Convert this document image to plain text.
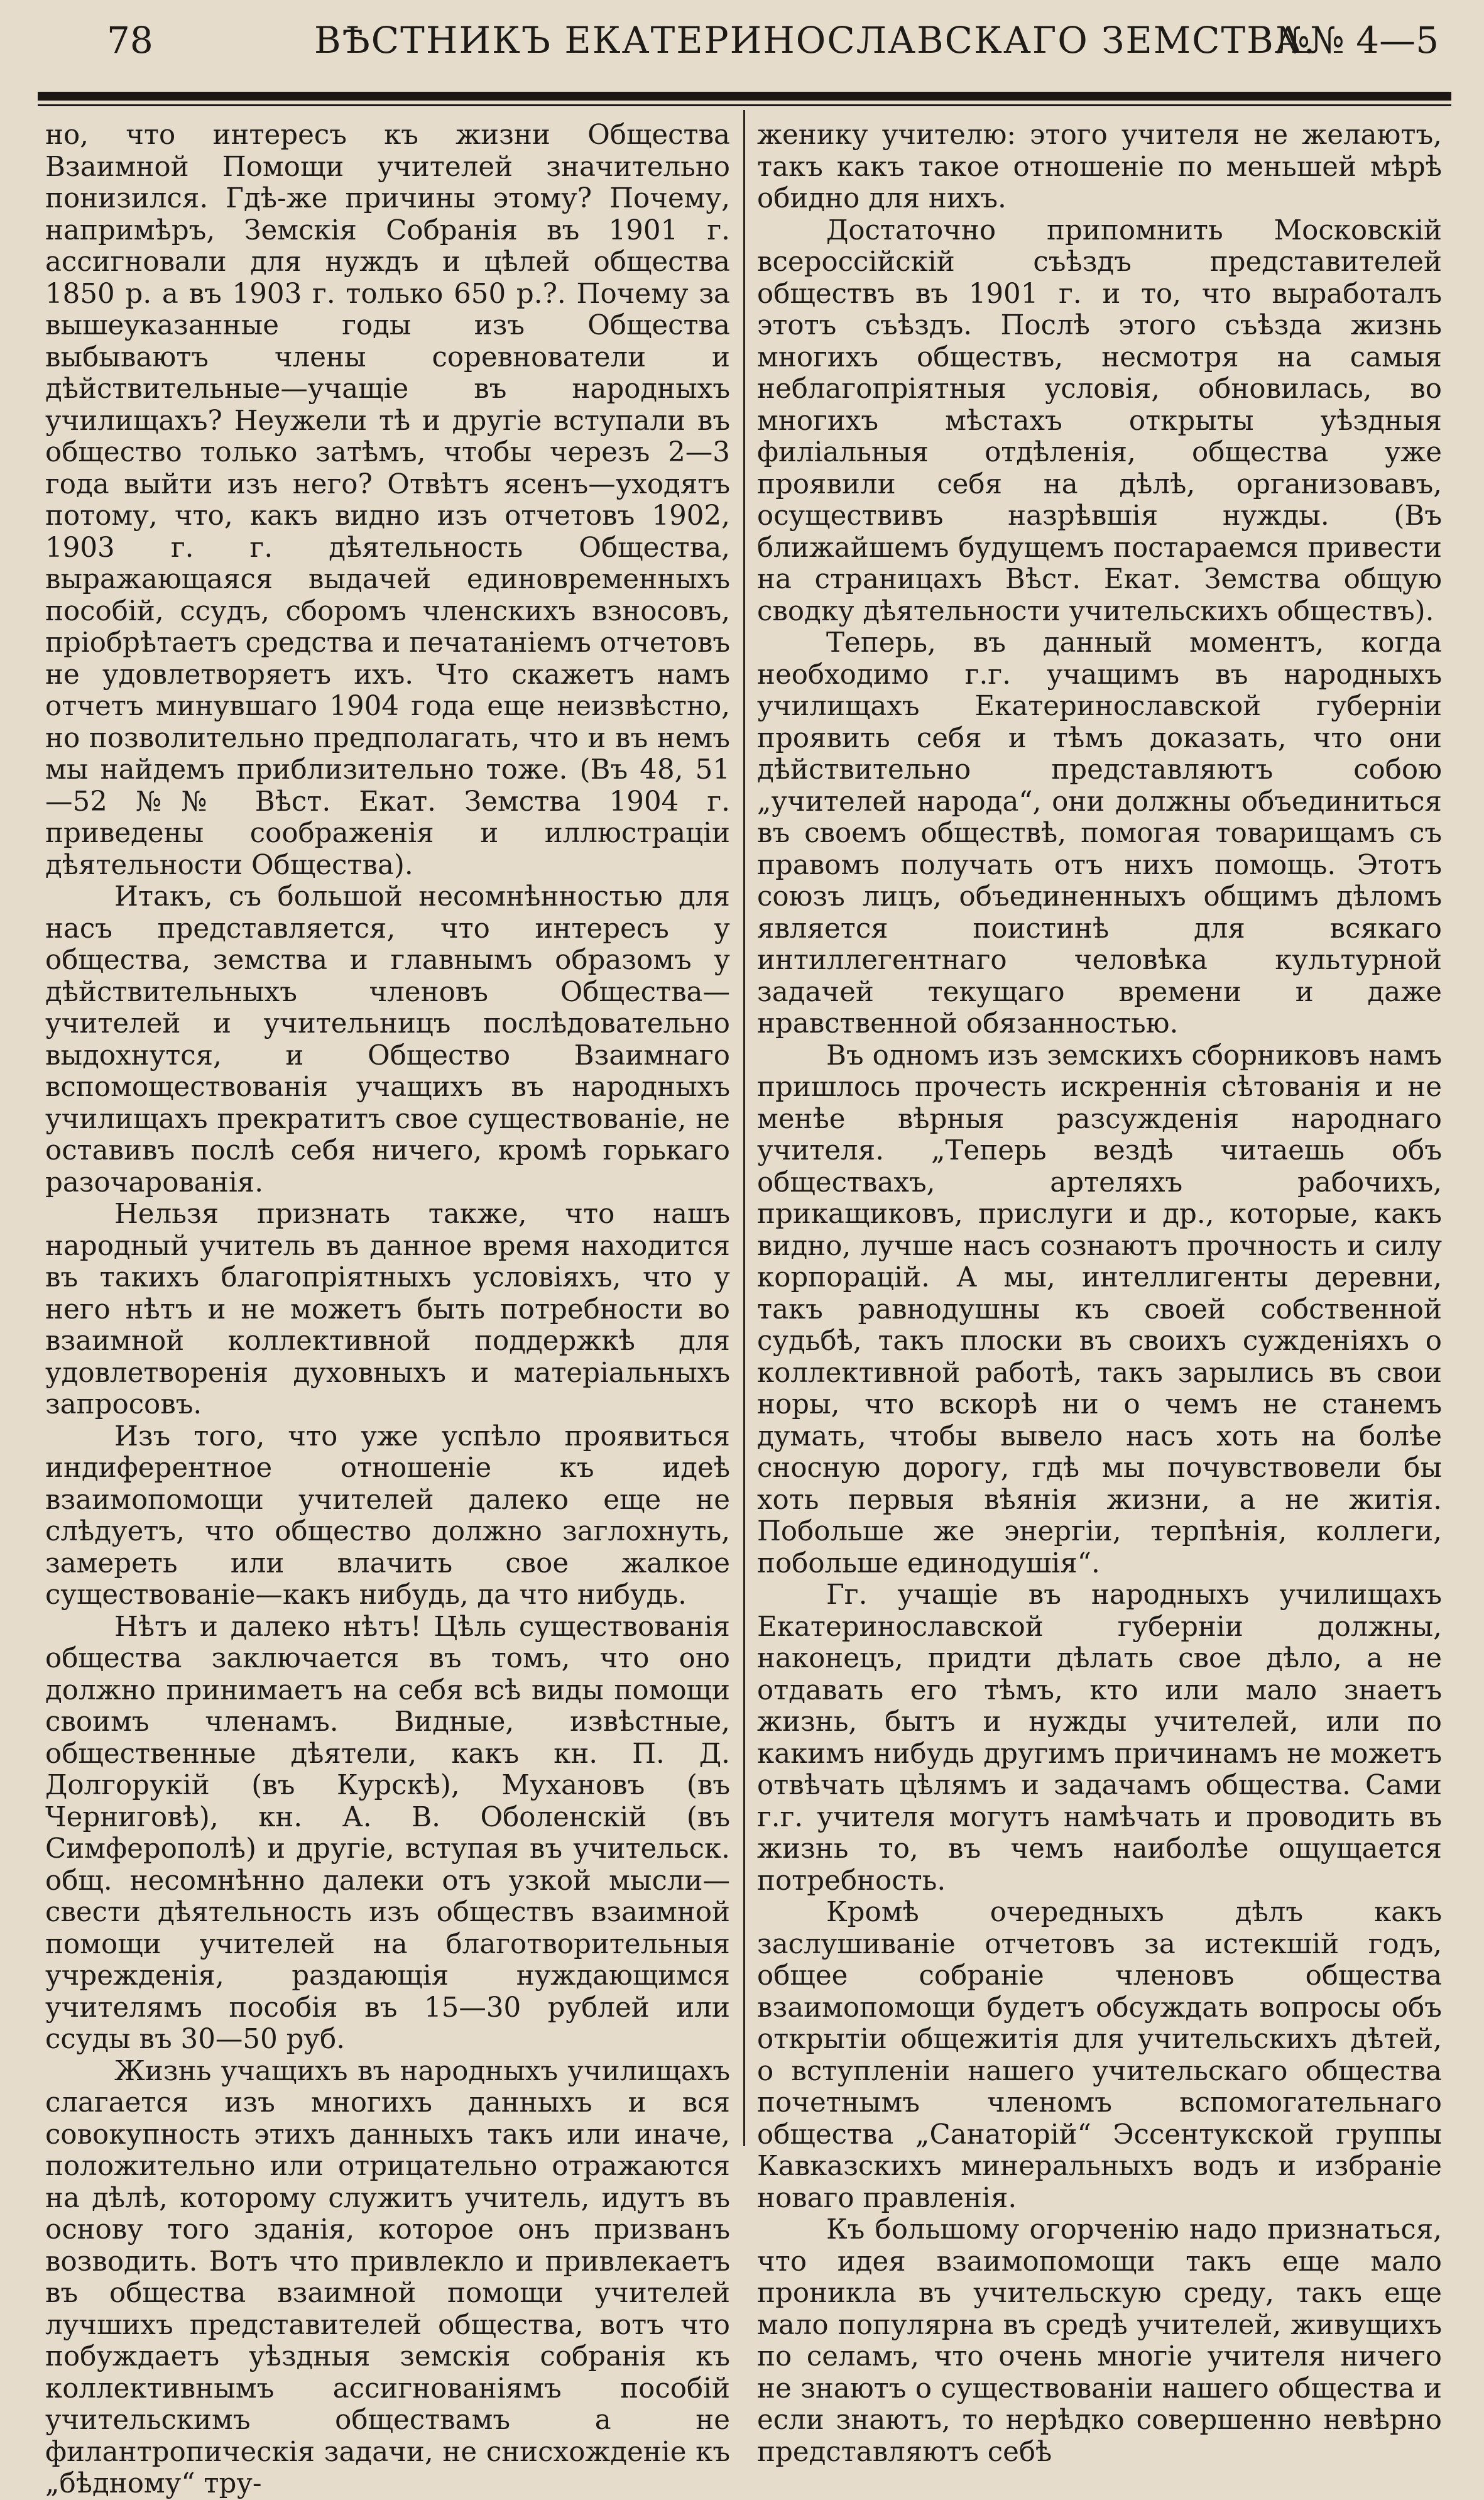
78	ВѢСТНИКЪ ЕКАТЕРИНОСЛАВСКАГО ЗЕМСТВА.
№№ 4—5

но, что интересъ къ жизни Общества Взаимной Помощи учителей значительно понизился. Гдѣ-же причины этому? Почему, напримѣръ, Земскія Собранія въ 1901 г. ассигновали для нуждъ и цѣлей общества 1850 р. а въ 1903 г. только 650 р.?. Почему за вышеуказанные годы изъ Общества выбываютъ члены соревнователи и дѣйствительные—учащіе въ народныхъ училищахъ? Неужели тѣ и другіе вступали въ общество только затѣмъ, чтобы черезъ 2—3 года выйти изъ него? Отвѣтъ ясенъ—уходятъ потому, что, какъ видно изъ отчетовъ 1902, 1903 г. г. дѣятельность Общества, выражающаяся выдачей единовременныхъ пособій, ссудъ, сборомъ членскихъ взносовъ, пріобрѣтаетъ средства и печатаніемъ отчетовъ не удовлетворяетъ ихъ. Что скажетъ намъ отчетъ минувшаго 1904 года еще неизвѣстно, но позволительно предполагать, что и въ немъ мы найдемъ приблизительно тоже. (Въ 48, 51—52 №№ Вѣст. Екат. Земства 1904 г. приведены соображенія и иллюстраціи дѣятельности Общества).

Итакъ, съ большой несомнѣнностью для насъ представляется, что интересъ у общества, земства и главнымъ образомъ у дѣйствительныхъ членовъ Общества—учителей и учительницъ послѣдовательно выдохнутся, и Общество Взаимнаго вспомоществованія учащихъ въ народныхъ училищахъ прекратитъ свое существованіе, не оставивъ послѣ себя ничего, кромѣ горькаго разочарованія.

Нельзя признать также, что нашъ народный учитель въ данное время находится въ такихъ благопріятныхъ условіяхъ, что у него нѣтъ и не можетъ быть потребности во взаимной коллективной поддержкѣ для удовлетворенія духовныхъ и матеріальныхъ запросовъ.

Изъ того, что уже успѣло проявиться индиферентное отношеніе къ идеѣ взаимопомощи учителей далеко еще не слѣдуетъ, что общество должно заглохнуть, замереть или влачить свое жалкое существованіе—какъ нибудь, да что нибудь.

Нѣтъ и далеко нѣтъ! Цѣль существованія общества заключается въ томъ, что оно должно принимаетъ на себя всѣ виды помощи своимъ членамъ. Видные, извѣстные, общественные дѣятели, какъ кн. П. Д. Долгорукій (въ Курскѣ), Мухановъ (въ Черниговѣ), кн. А. В. Оболенскій (въ Симферополѣ) и другіе, вступая въ учительск. общ. несомнѣнно далеки отъ узкой мысли—свести дѣятельность изъ обществъ взаимной помощи учителей на благотворительныя учрежденія, раздающія нуждающимся учителямъ пособія въ 15—30 рублей или ссуды въ 30—50 руб.

Жизнь учащихъ въ народныхъ училищахъ слагается изъ многихъ данныхъ и вся совокупность этихъ данныхъ такъ или иначе, положительно или отрицательно отражаются на дѣлѣ, которому служитъ учитель, идутъ въ основу того зданія, которое онъ призванъ возводить. Вотъ что привлекло и привлекаетъ въ общества взаимной помощи учителей лучшихъ представителей общества, вотъ что побуждаетъ уѣздныя земскія собранія къ коллективнымъ ассигнованіямъ пособій учительскимъ обществамъ а не филантропическія задачи, не снисхожденіе къ „бѣдному“ тру-

женику учителю: этого учителя не желаютъ, такъ какъ такое отношеніе по меньшей мѣрѣ обидно для нихъ.

Достаточно припомнить Московскій всероссійскій съѣздъ представителей обществъ въ 1901 г. и то, что выработалъ этотъ съѣздъ. Послѣ этого съѣзда жизнь многихъ обществъ, несмотря на самыя неблагопріятныя условія, обновилась, во многихъ мѣстахъ открыты уѣздныя филіальныя отдѣленія, общества уже проявили себя на дѣлѣ, организовавъ, осуществивъ назрѣвшія нужды. (Въ ближайшемъ будущемъ постараемся привести на страницахъ Вѣст. Екат. Земства общую сводку дѣятельности учительскихъ обществъ).

Теперь, въ данный моментъ, когда необходимо г.г. учащимъ въ народныхъ училищахъ Екатеринославской губерніи проявить себя и тѣмъ доказать, что они дѣйствительно представляютъ собою „учителей народа“, они должны объединиться въ своемъ обществѣ, помогая товарищамъ съ правомъ получать отъ нихъ помощь. Этотъ союзъ лицъ, объединенныхъ общимъ дѣломъ является поистинѣ для всякаго интиллегентнаго человѣка культурной задачей текущаго времени и даже нравственной обязанностью.

Въ одномъ изъ земскихъ сборниковъ намъ пришлось прочесть искреннія сѣтованія и не менѣе вѣрныя разсужденія народнаго учителя. „Теперь вездѣ читаешь объ обществахъ, артеляхъ рабочихъ, прикащиковъ, прислуги и др., которые, какъ видно, лучше насъ сознаютъ прочность и силу корпорацій. А мы, интеллигенты деревни, такъ равнодушны къ своей собственной судьбѣ, такъ плоски въ своихъ сужденіяхъ о коллективной работѣ, такъ зарылись въ свои норы, что вскорѣ ни о чемъ не станемъ думать, чтобы вывело насъ хоть на болѣе сносную дорогу, гдѣ мы почувствовели бы хоть первыя вѣянія жизни, а не житія. Побольше же энергіи, терпѣнія, коллеги, побольше единодушія“.

Гг. учащіе въ народныхъ училищахъ Екатеринославской губерніи должны, наконецъ, придти дѣлать свое дѣло, а не отдавать его тѣмъ, кто или мало знаетъ жизнь, бытъ и нужды учителей, или по какимъ нибудь другимъ причинамъ не можетъ отвѣчать цѣлямъ и задачамъ общества. Сами г.г. учителя могутъ намѣчать и проводить въ жизнь то, въ чемъ наиболѣе ощущается потребность.

Кромѣ очередныхъ дѣлъ какъ заслушиваніе отчетовъ за истекшій годъ, общее собраніе членовъ общества взаимопомощи будетъ обсуждать вопросы объ открытіи общежитія для учительскихъ дѣтей, о вступленіи нашего учительскаго общества почетнымъ членомъ вспомогательнаго общества „Санаторій“ Эссентукской группы Кавказскихъ минеральныхъ водъ и избраніе новаго правленія.

Къ большому огорченію надо признаться, что идея взаимопомощи такъ еще мало проникла въ учительскую среду, такъ еще мало популярна въ средѣ учителей, живущихъ по селамъ, что очень многіе учителя ничего не знаютъ о существованіи нашего общества и если знаютъ, то нерѣдко совершенно невѣрно представляютъ себѣ
